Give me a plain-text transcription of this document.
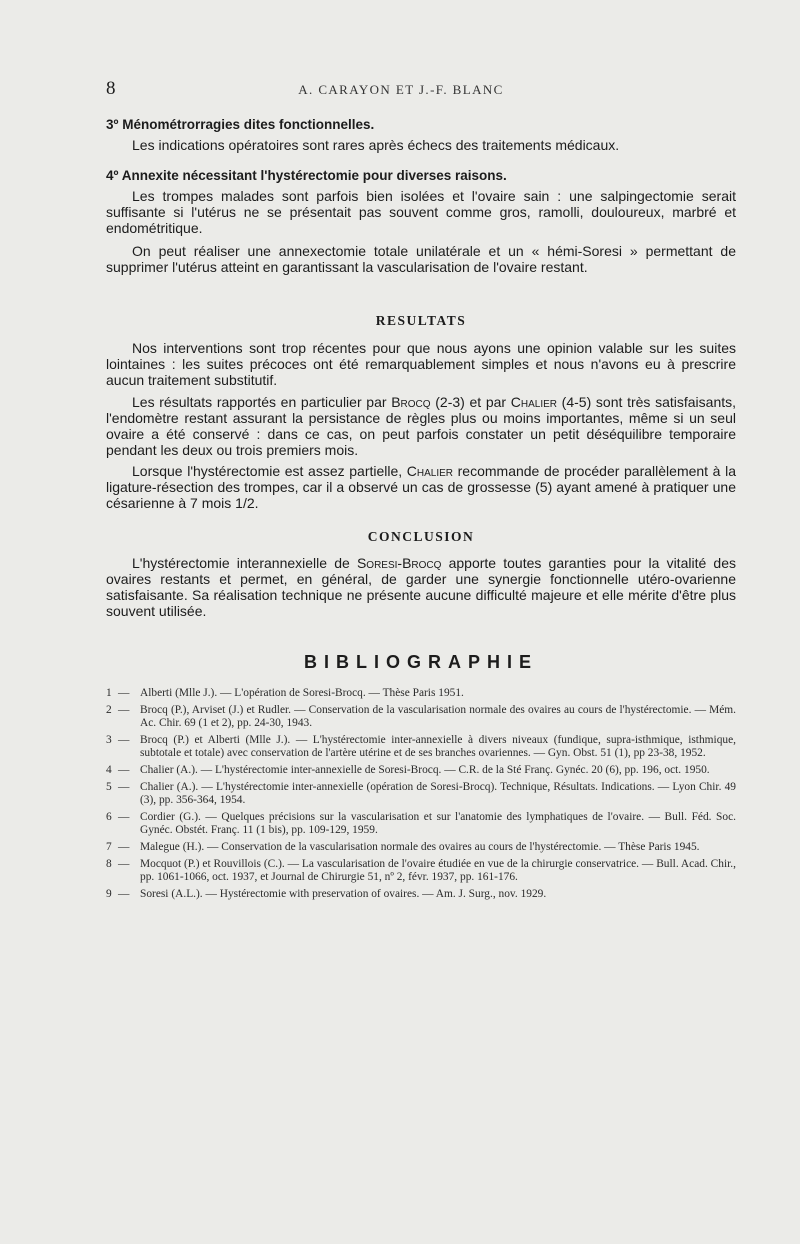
8	A. CARAYON ET J.-F. BLANC
3º Ménométrorragies dites fonctionnelles.

Les indications opératoires sont rares après échecs des traitements médicaux.

4º Annexite nécessitant l'hystérectomie pour diverses raisons.

Les trompes malades sont parfois bien isolées et l'ovaire sain : une salpingectomie serait suffisante si l'utérus ne se présentait pas souvent comme gros, ramolli, douloureux, marbré et endométritique.

On peut réaliser une annexectomie totale unilatérale et un « hémi-Soresi » permettant de supprimer l'utérus atteint en garantissant la vascularisation de l'ovaire restant.

RESULTATS

Nos interventions sont trop récentes pour que nous ayons une opinion valable sur les suites lointaines : les suites précoces ont été remarquablement simples et nous n'avons eu à prescrire aucun traitement substitutif.

Les résultats rapportés en particulier par Brocq (2-3) et par Chalier (4-5) sont très satisfaisants, l'endomètre restant assurant la persistance de règles plus ou moins importantes, même si un seul ovaire a été conservé : dans ce cas, on peut parfois constater un petit déséquilibre temporaire pendant les deux ou trois premiers mois.

Lorsque l'hystérectomie est assez partielle, Chalier recommande de procéder parallèlement à la ligature-résection des trompes, car il a observé un cas de grossesse (5) ayant amené à pratiquer une césarienne à 7 mois 1/2.

CONCLUSION

L'hystérectomie interannexielle de Soresi-Brocq apporte toutes garanties pour la vitalité des ovaires restants et permet, en général, de garder une synergie fonctionnelle utéro-ovarienne satisfaisante. Sa réalisation technique ne présente aucune difficulté majeure et elle mérite d'être plus souvent utilisée.

BIBLIOGRAPHIE
1 — Alberti (Mlle J.). — L'opération de Soresi-Brocq. — Thèse Paris 1951.
2 — Brocq (P.), Arviset (J.) et Rudler. — Conservation de la vascularisation normale des ovaires au cours de l'hystérectomie. — Mém. Ac. Chir. 69 (1 et 2), pp. 24-30, 1943.
3 — Brocq (P.) et Alberti (Mlle J.). — L'hystérectomie inter-annexielle à divers niveaux (fundique, supra-isthmique, isthmique, subtotale et totale) avec conservation de l'artère utérine et de ses branches ovariennes. — Gyn. Obst. 51 (1), pp 23-38, 1952.
4 — Chalier (A.). — L'hystérectomie inter-annexielle de Soresi-Brocq. — C.R. de la Sté Franç. Gynéc. 20 (6), pp. 196, oct. 1950.
5 — Chalier (A.). — L'hystérectomie inter-annexielle (opération de Soresi-Brocq). Technique, Résultats. Indications. — Lyon Chir. 49 (3), pp. 356-364, 1954.
6 — Cordier (G.). — Quelques précisions sur la vascularisation et sur l'anatomie des lymphatiques de l'ovaire. — Bull. Féd. Soc. Gynéc. Obstét. Franç. 11 (1 bis), pp. 109-129, 1959.
7 — Malegue (H.). — Conservation de la vascularisation normale des ovaires au cours de l'hystérectomie. — Thèse Paris 1945.
8 — Mocquot (P.) et Rouvillois (C.). — La vascularisation de l'ovaire étudiée en vue de la chirurgie conservatrice. — Bull. Acad. Chir., pp. 1061-1066, oct. 1937, et Journal de Chirurgie 51, nº 2, févr. 1937, pp. 161-176.
9 — Soresi (A.L.). — Hystérectomie with preservation of ovaires. — Am. J. Surg., nov. 1929.
